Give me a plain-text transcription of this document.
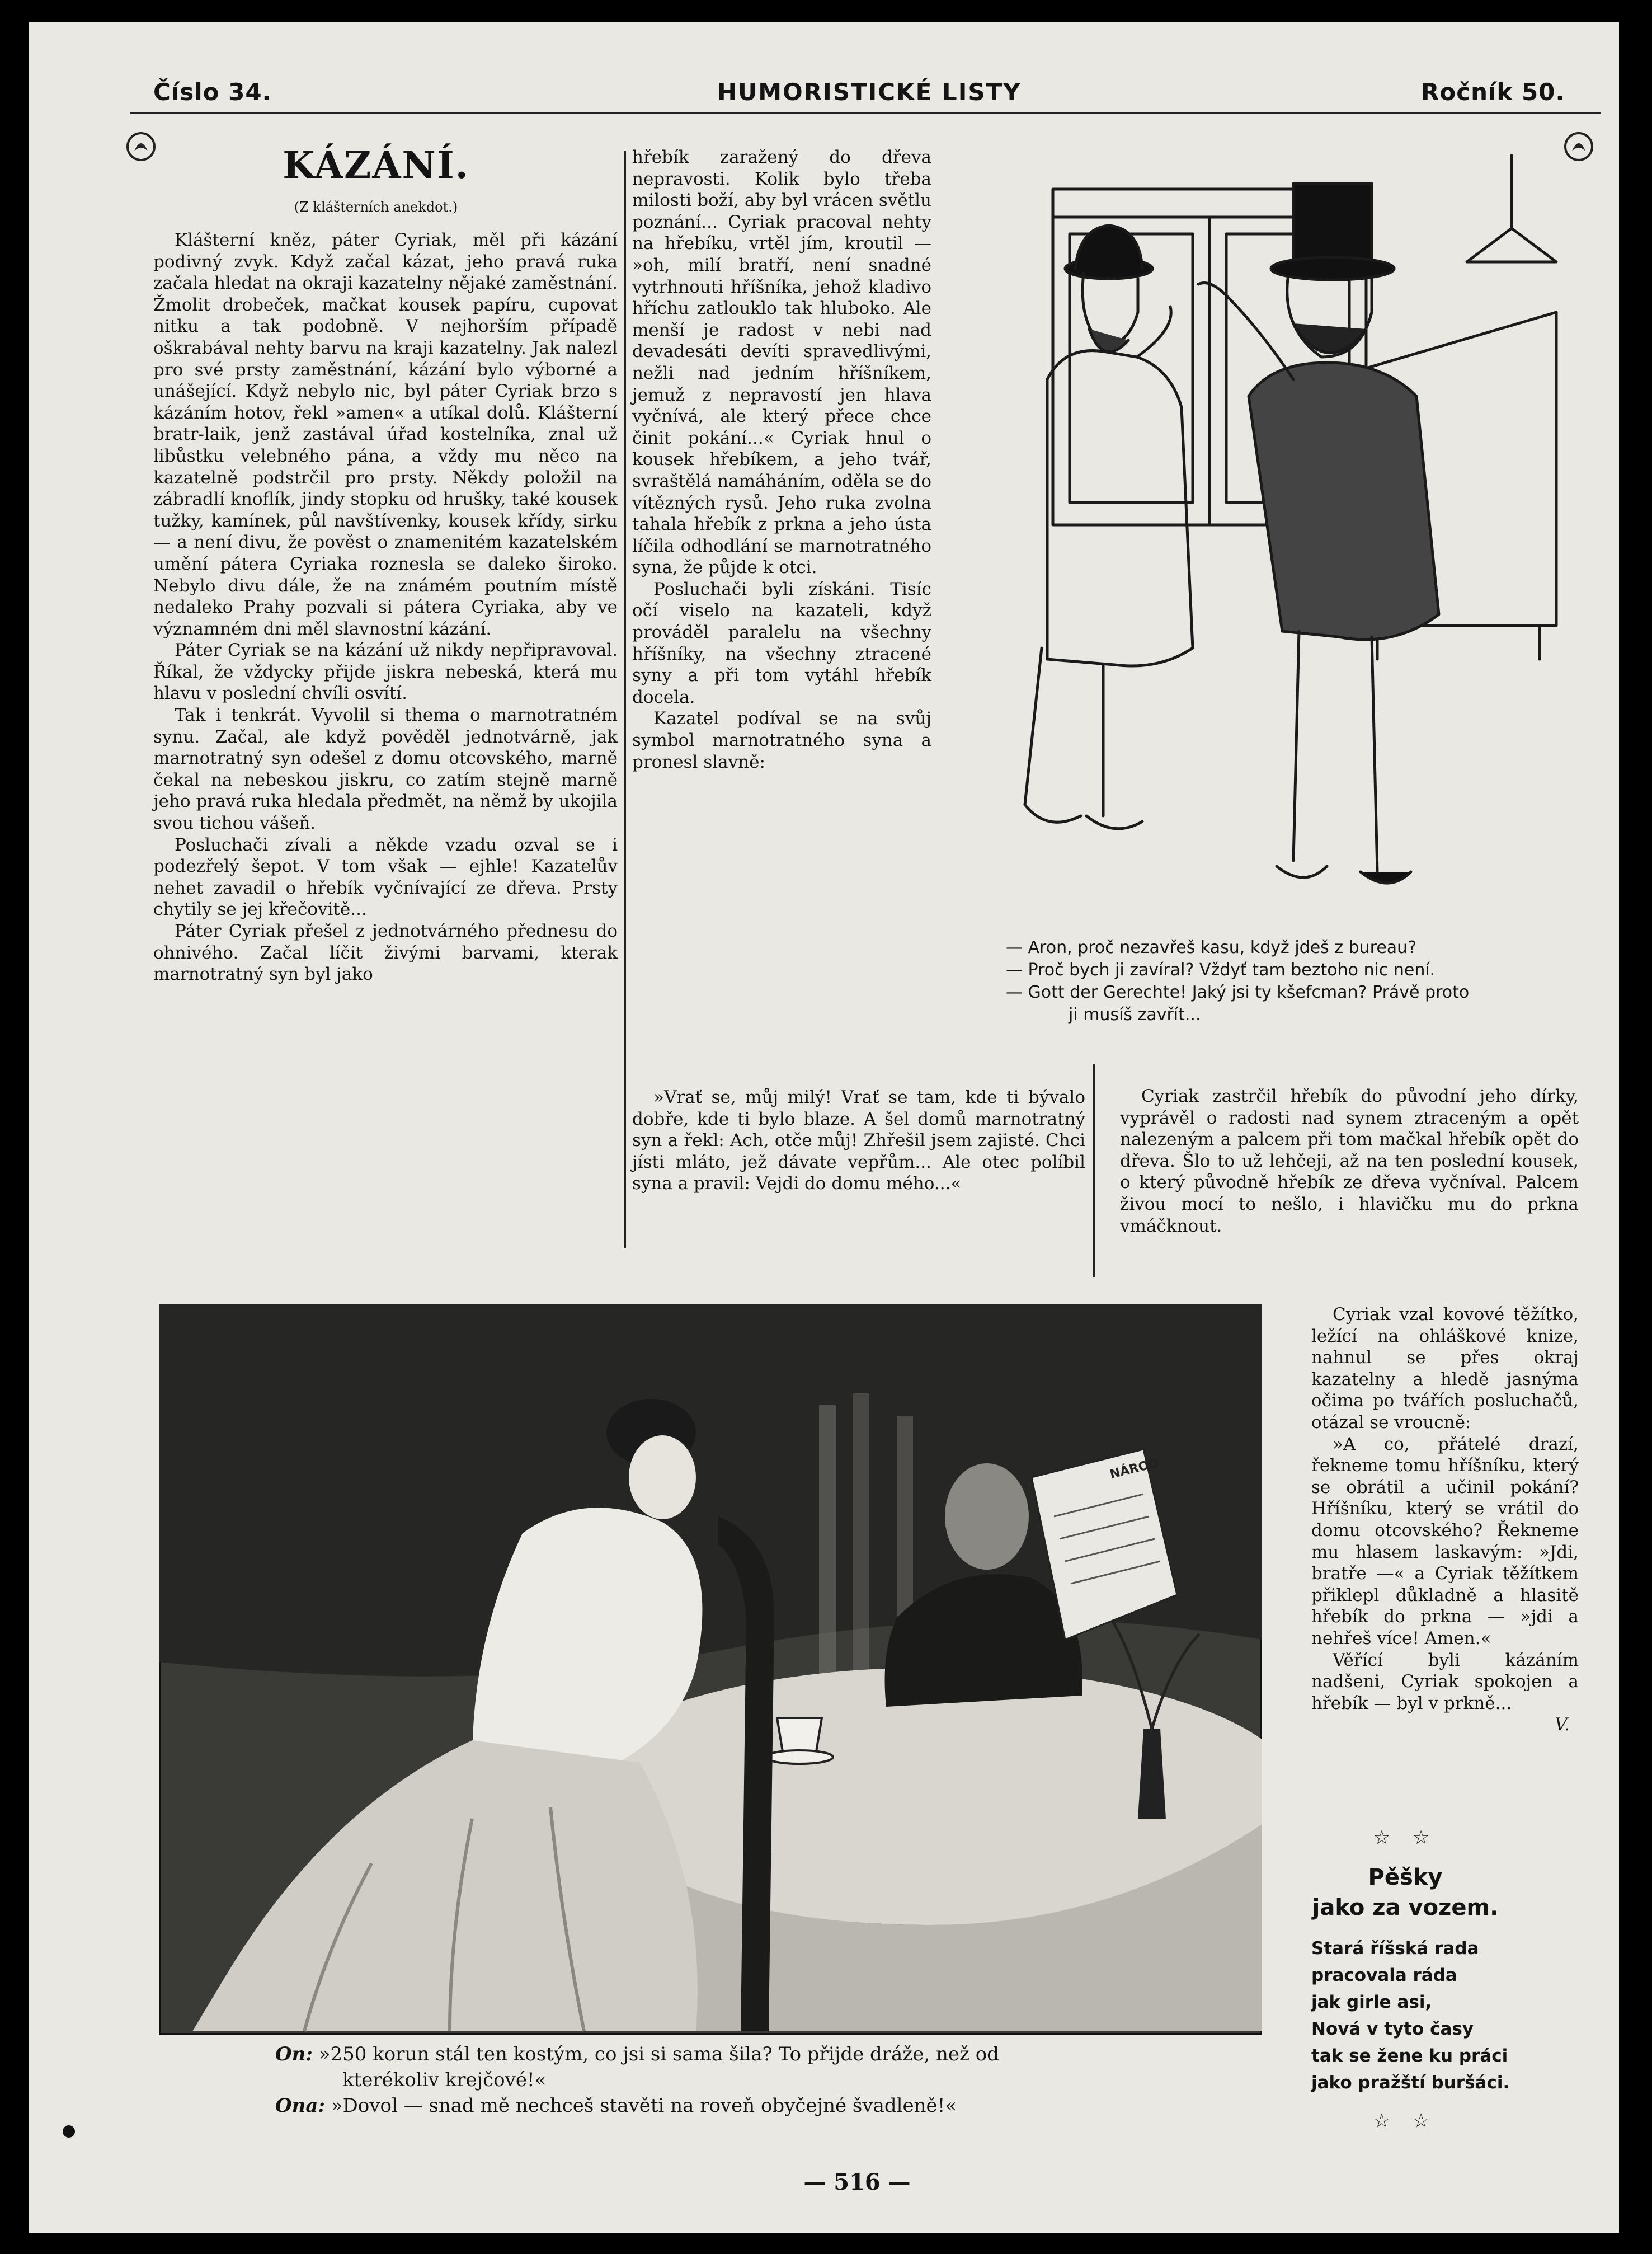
Číslo 34.	HUMORISTICKÉ LISTY	Ročník 50.
KÁZÁNÍ.
(Z klášterních anekdot.)

Klášterní kněz, páter Cyriak, měl při kázání podivný zvyk. Když začal kázat, jeho pravá ruka začala hledat na okraji kazatelny nějaké zaměstnání. Žmolit drobeček, mačkat kousek papíru, cupovat nitku a tak podobně. V nejhorším případě oškrabával nehty barvu na kraji kazatelny. Jak nalezl pro své prsty zaměstnání, kázání bylo výborné a unášející. Když nebylo nic, byl páter Cyriak brzo s kázáním hotov, řekl »amen« a utíkal dolů. Klášterní bratr-laik, jenž zastával úřad kostelníka, znal už libůstku velebného pána, a vždy mu něco na kazatelně podstrčil pro prsty. Někdy položil na zábradlí knoflík, jindy stopku od hrušky, také kousek tužky, kamínek, půl navštívenky, kousek křídy, sirku — a není divu, že pověst o znamenitém kazatelském umění pátera Cyriaka roznesla se daleko široko. Nebylo divu dále, že na známém poutním místě nedaleko Prahy pozvali si pátera Cyriaka, aby ve významném dni měl slavnostní kázání.

Páter Cyriak se na kázání už nikdy nepřipravoval. Říkal, že vždycky přijde jiskra nebeská, která mu hlavu v poslední chvíli osvítí.

Tak i tenkrát. Vyvolil si thema o marnotratném synu. Začal, ale když pověděl jednotvárně, jak marnotratný syn odešel z domu otcovského, marně čekal na nebeskou jiskru, co zatím stejně marně jeho pravá ruka hledala předmět, na němž by ukojila svou tichou vášeň.

Posluchači zívali a někde vzadu ozval se i podezřelý šepot. V tom však — ejhle! Kazatelův nehet zavadil o hřebík vyčnívající ze dřeva. Prsty chytily se jej křečovitě...

Páter Cyriak přešel z jednotvárného přednesu do ohnivého. Začal líčit živými barvami, kterak marnotratný syn byl jako

hřebík zaražený do dřeva nepravosti. Kolik bylo třeba milosti boží, aby byl vrácen světlu poznání... Cyriak pracoval nehty na hřebíku, vrtěl jím, kroutil — »oh, milí bratří, není snadné vytrhnouti hříšníka, jehož kladivo hříchu zatlouklo tak hluboko. Ale menší je radost v nebi nad devadesáti devíti spravedlivými, nežli nad jedním hříšníkem, jemuž z nepravostí jen hlava vyčnívá, ale který přece chce činit pokání...« Cyriak hnul o kousek hřebíkem, a jeho tvář, svraštělá namáháním, oděla se do vítězných rysů. Jeho ruka zvolna tahala hřebík z prkna a jeho ústa líčila odhodlání se marnotratného syna, že půjde k otci.

Posluchači byli získáni. Tisíc očí viselo na kazateli, když prováděl paralelu na všechny hříšníky, na všechny ztracené syny a při tom vytáhl hřebík docela.

Kazatel podíval se na svůj symbol marnotratného syna a pronesl slavně:

»Vrať se, můj milý! Vrať se tam, kde ti bývalo dobře, kde ti bylo blaze. A šel domů marnotratný syn a řekl: Ach, otče můj! Zhřešil jsem zajisté. Chci jísti mláto, jež dávate vepřům... Ale otec políbil syna a pravil: Vejdi do domu mého...«

— Aron, proč nezavřeš kasu, když jdeš z bureau?
— Proč bych ji zavíral? Vždyť tam beztoho nic není.
— Gott der Gerechte! Jaký jsi ty kšefcman? Právě proto
ji musíš zavřít...

Cyriak zastrčil hřebík do původní jeho dírky, vyprávěl o radosti nad synem ztraceným a opět nalezeným a palcem při tom mačkal hřebík opět do dřeva. Šlo to už lehčeji, až na ten poslední kousek, o který původně hřebík ze dřeva vyčníval. Palcem živou mocí to nešlo, i hlavičku mu do prkna vmáčknout.

Cyriak vzal kovové těžítko, ležící na ohláškové knize, nahnul se přes okraj kazatelny a hledě jasnýma očima po tvářích posluchačů, otázal se vroucně:

»A co, přátelé drazí, řekneme tomu hříšníku, který se obrátil a učinil pokání? Hříšníku, který se vrátil do domu otcovského? Řekneme mu hlasem laskavým: »Jdi, bratře —« a Cyriak těžítkem přiklepl důkladně a hlasitě hřebík do prkna — »jdi a nehřeš více! Amen.«

Věřící byli kázáním nadšeni, Cyriak spokojen a hřebík — byl v prkně...

V.
NÁROD
On: »250 korun stál ten kostým, co jsi si sama šila? To přijde dráže, než od
kterékoliv krejčové!«
Ona: »Dovol — snad mě nechceš stavěti na roveň obyčejné švadleně!«
☆ ☆
Pěšky
jako za vozem.
Stará říšská rada
pracovala ráda
jak girle asi,
Nová v tyto časy
tak se žene ku práci
jako pražští buršáci.
☆ ☆
— 516 —
